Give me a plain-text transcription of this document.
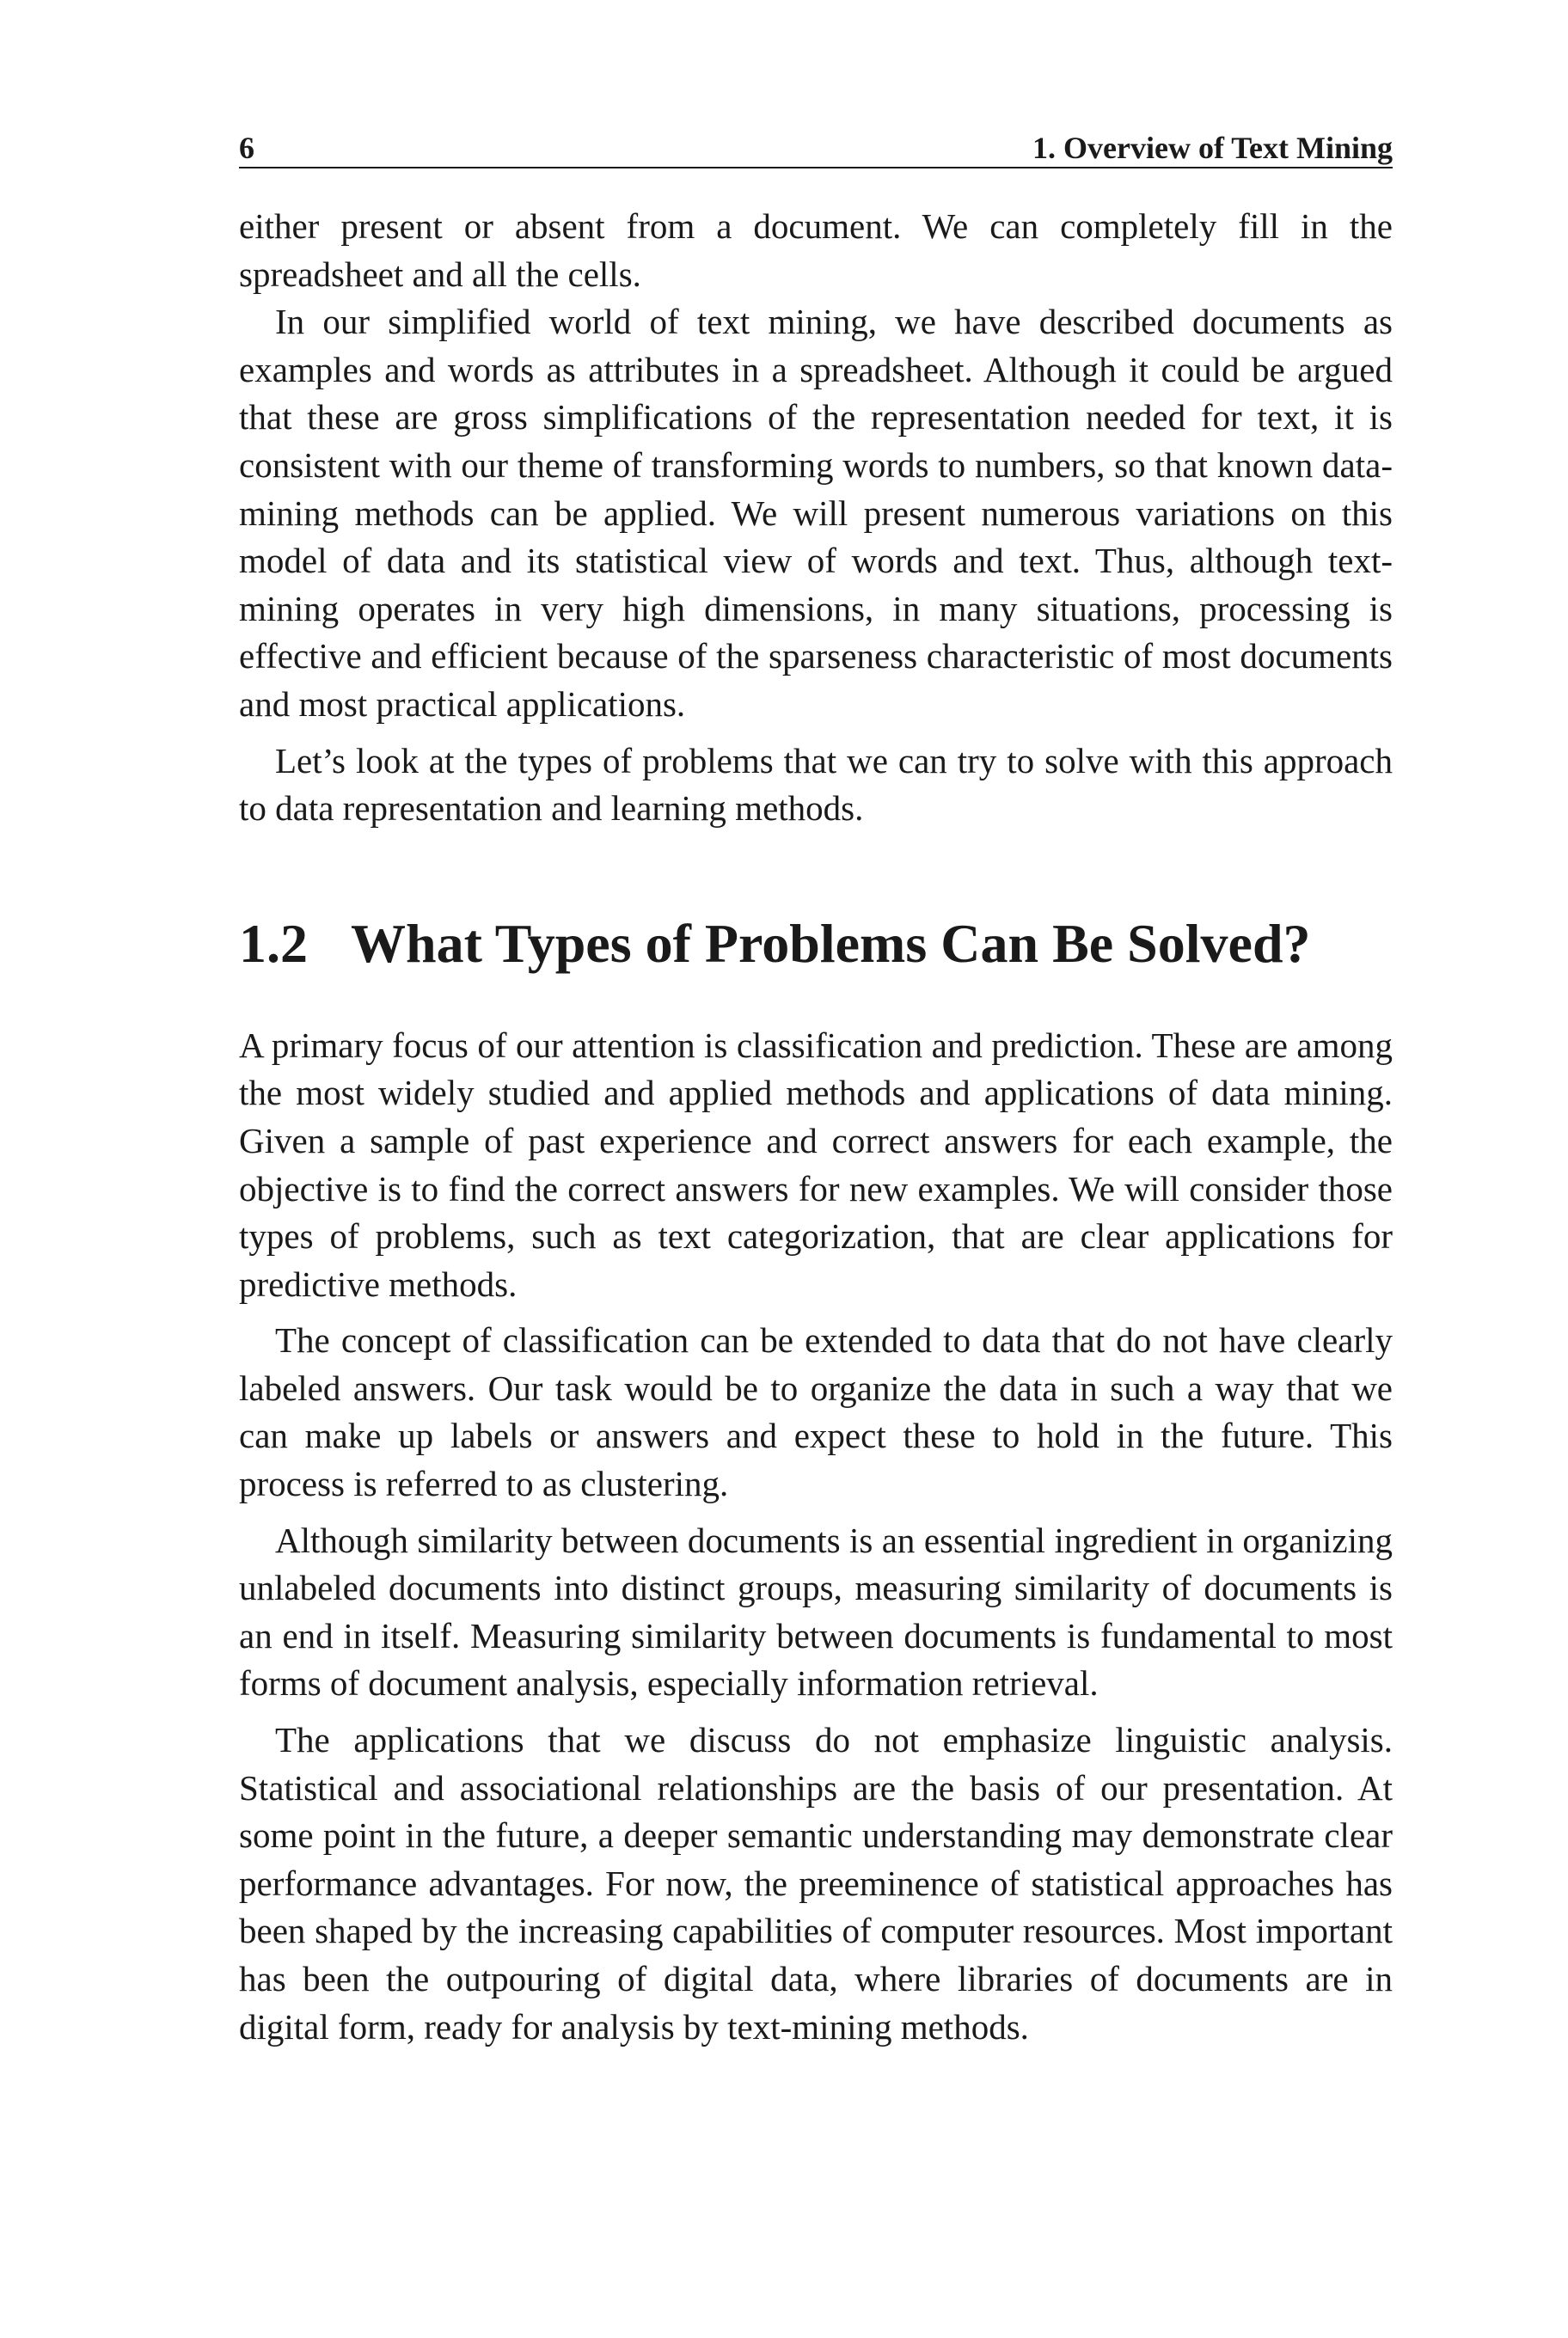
6	1. Overview of Text Mining

either present or absent from a document. We can completely fill in the spreadsheet and all the cells.

In our simplified world of text mining, we have described documents as examples and words as attributes in a spreadsheet. Although it could be argued that these are gross simplifications of the representation needed for text, it is consistent with our theme of transforming words to numbers, so that known data-mining methods can be applied. We will present numerous variations on this model of data and its statistical view of words and text. Thus, although text-mining operates in very high dimensions, in many situations, processing is effective and efficient because of the sparseness characteristic of most documents and most practical applications.

Let’s look at the types of problems that we can try to solve with this approach to data representation and learning methods.

1.2 What Types of Problems Can Be Solved?

A primary focus of our attention is classification and prediction. These are among the most widely studied and applied methods and applications of data mining. Given a sample of past experience and correct answers for each example, the objective is to find the correct answers for new examples. We will consider those types of problems, such as text categorization, that are clear applications for predictive methods.

The concept of classification can be extended to data that do not have clearly labeled answers. Our task would be to organize the data in such a way that we can make up labels or answers and expect these to hold in the future. This process is referred to as clustering.

Although similarity between documents is an essential ingredient in organizing unlabeled documents into distinct groups, measuring similarity of documents is an end in itself. Measuring similarity between documents is fundamental to most forms of document analysis, especially information retrieval.

The applications that we discuss do not emphasize linguistic analysis. Statistical and associational relationships are the basis of our presentation. At some point in the future, a deeper semantic understanding may demonstrate clear performance advantages. For now, the preeminence of statistical approaches has been shaped by the increasing capabilities of computer resources. Most important has been the outpouring of digital data, where libraries of documents are in digital form, ready for analysis by text-mining methods.
